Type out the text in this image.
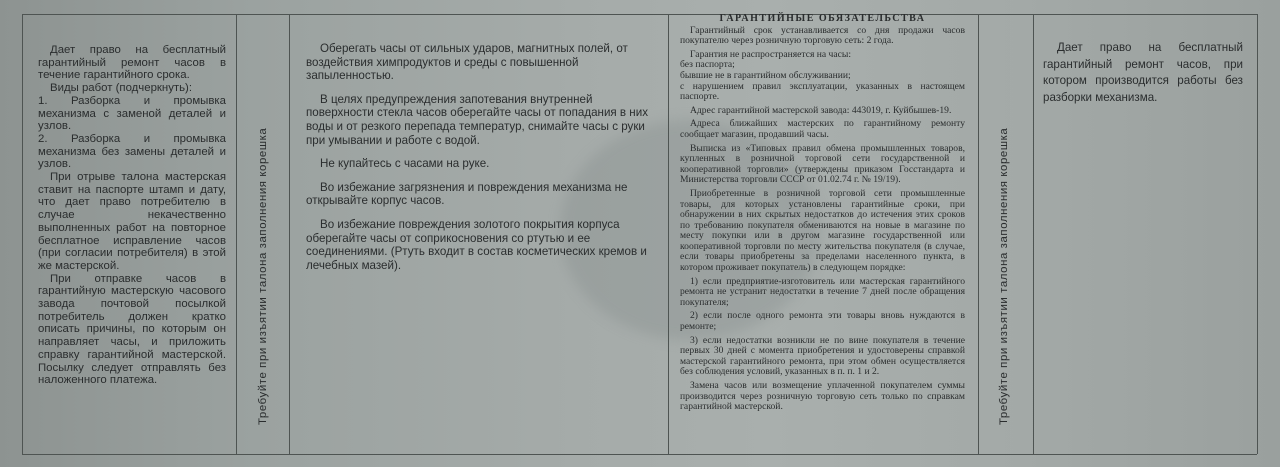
Дает право на бесплатный гарантийный ремонт часов в течение гарантийного срока.

Виды работ (подчеркнуть):

1. Разборка и промывка механизма с заменой деталей и узлов.

2. Разборка и промывка механизма без замены деталей и узлов.

При отрыве талона мастерская ставит на паспорте штамп и дату, что дает право потребителю в случае некачественно выполненных работ на повторное бесплатное исправление часов (при согласии потребителя) в этой же мастерской.

При отправке часов в гарантийную мастерскую часового завода почтовой посылкой потребитель должен кратко описать причины, по которым он направляет часы, и приложить справку гарантийной мастерской. Посылку следует отправлять без наложенного платежа.	Требуйте при изъятии талона заполнения корешка

Оберегать часы от сильных ударов, магнитных полей, от воздействия химпродуктов и среды с повышенной запыленностью.

В целях предупреждения запотевания внутренней поверхности стекла часов оберегайте часы от попадания в них воды и от резкого перепада температур, снимайте часы с руки при умывании и работе с водой.

Не купайтесь с часами на руке.

Во избежание загрязнения и повреждения механизма не открывайте корпус часов.

Во избежание повреждения золотого покрытия корпуса оберегайте часы от соприкосновения со ртутью и ее соединениями. (Ртуть входит в состав косметических кремов и лечебных мазей).

ГАРАНТИЙНЫЕ ОБЯЗАТЕЛЬСТВА

Гарантийный срок устанавливается со дня продажи часов покупателю через розничную торговую сеть: 2 года.

Гарантия не распространяется на часы:

без паспорта;

бывшие не в гарантийном обслуживании;

с нарушением правил эксплуатации, указанных в настоящем паспорте.

Адрес гарантийной мастерской завода: 443019, г. Куйбышев-19.

Адреса ближайших мастерских по гарантийному ремонту сообщает магазин, продавший часы.

Выписка из «Типовых правил обмена промышленных товаров, купленных в розничной торговой сети государственной и кооперативной торговли» (утверждены приказом Госстандарта и Министерства торговли СССР от 01.02.74 г. № 19/19).

Приобретенные в розничной торговой сети промышленные товары, для которых установлены гарантийные сроки, при обнаружении в них скрытых недостатков до истечения этих сроков по требованию покупателя обмениваются на новые в магазине по месту покупки или в другом магазине государственной или кооперативной торговли по месту жительства покупателя (в случае, если товары приобретены за пределами населенного пункта, в котором проживает покупатель) в следующем порядке:

1) если предприятие-изготовитель или мастерская гарантийного ремонта не устранит недостатки в течение 7 дней после обращения покупателя;

2) если после одного ремонта эти товары вновь нуждаются в ремонте;

3) если недостатки возникли не по вине покупателя в течение первых 30 дней с момента приобретения и удостоверены справкой мастерской гарантийного ремонта, при этом обмен осуществляется без соблюдения условий, указанных в п. п. 1 и 2.

Замена часов или возмещение уплаченной покупателем суммы производится через розничную торговую сеть только по справкам гарантийной мастерской.	Требуйте при изъятии талона заполнения корешка

Дает право на бесплатный гарантийный ремонт часов, при котором производится работы без разборки механизма.
